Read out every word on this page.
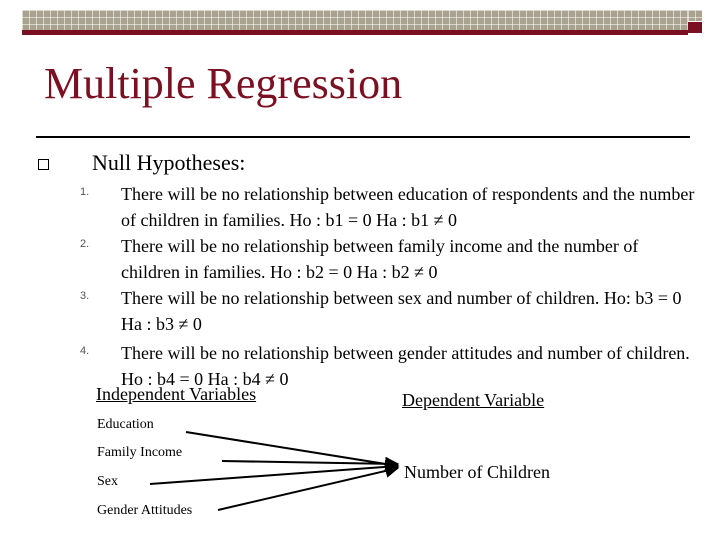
Multiple Regression
Null Hypotheses:
1. There will be no relationship between education of respondents and the number of children in families. Ho : b1 = 0 Ha : b1 ≠ 0
2. There will be no relationship between family income and the number of children in families. Ho : b2 = 0 Ha : b2 ≠ 0
3. There will be no relationship between sex and number of children. Ho: b3 = 0 Ha : b3 ≠ 0
4. There will be no relationship between gender attitudes and number of children. Ho : b4 = 0 Ha : b4 ≠ 0
Independent Variables	Dependent Variable
Education
Family Income
Sex
Gender Attitudes
Number of Children
